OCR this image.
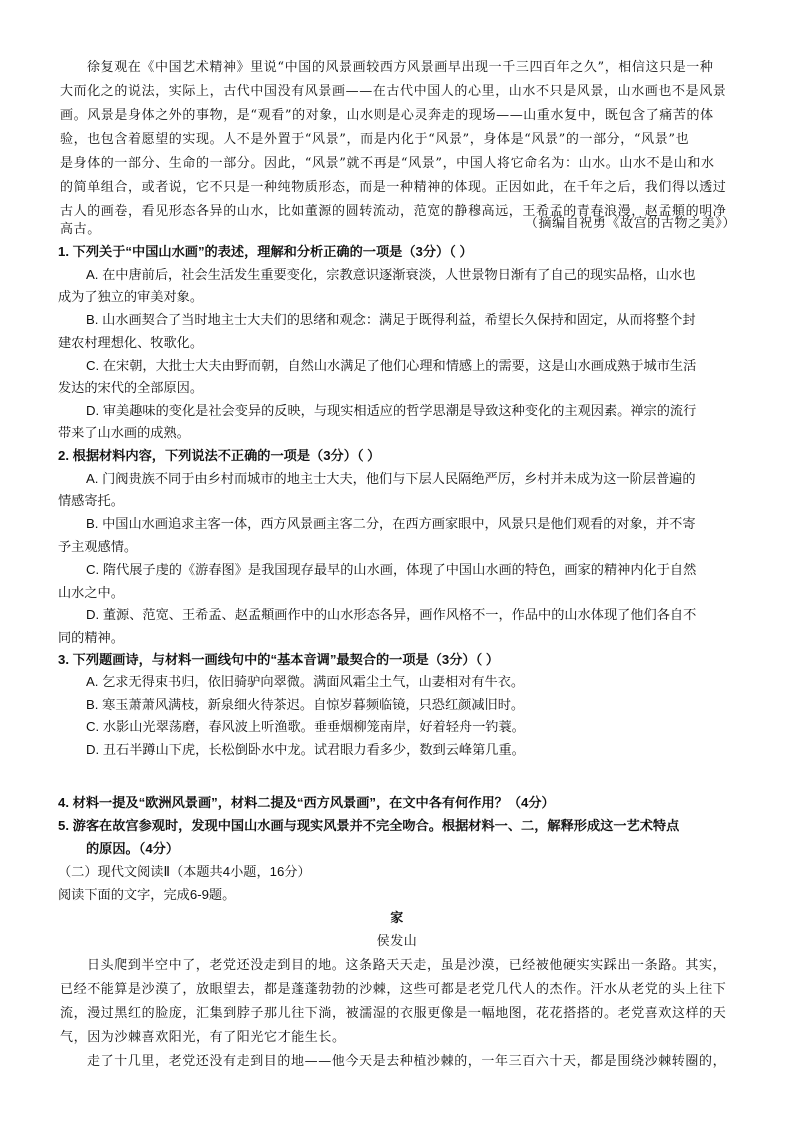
徐复观在《中国艺术精神》里说“中国的风景画较西方风景画早出现一千三四百年之久”，相信这只是一种
大而化之的说法，实际上，古代中国没有风景画——在古代中国人的心里，山水不只是风景，山水画也不是风景
画。风景是身体之外的事物，是“观看”的对象，山水则是心灵奔走的现场——山重水复中，既包含了痛苦的体
验，也包含着愿望的实现。人不是外置于“风景”，而是内化于“风景”，身体是“风景”的一部分，“风景”也
是身体的一部分、生命的一部分。因此，“风景”就不再是“风景”，中国人将它命名为：山水。山水不是山和水
的简单组合，或者说，它不只是一种纯物质形态，而是一种精神的体现。正因如此，在千年之后，我们得以透过
古人的画卷，看见形态各异的山水，比如董源的圆转流动，范宽的静穆高远，王希孟的青春浪漫，赵孟頫的明净
高古。	（摘编自祝勇《故宫的古物之美》）
1. 下列关于“中国山水画”的表述，理解和分析正确的一项是（3分）（ ）
A. 在中唐前后，社会生活发生重要变化，宗教意识逐渐衰淡，人世景物日渐有了自己的现实品格，山水也
成为了独立的审美对象。
B. 山水画契合了当时地主士大夫们的思绪和观念：满足于既得利益，希望长久保持和固定，从而将整个封
建农村理想化、牧歌化。
C. 在宋朝，大批士大夫由野而朝，自然山水满足了他们心理和情感上的需要，这是山水画成熟于城市生活
发达的宋代的全部原因。
D. 审美趣味的变化是社会变异的反映，与现实相适应的哲学思潮是导致这种变化的主观因素。禅宗的流行
带来了山水画的成熟。
2. 根据材料内容，下列说法不正确的一项是（3分）（ ）
A. 门阀贵族不同于由乡村而城市的地主士大夫，他们与下层人民隔绝严厉，乡村并未成为这一阶层普遍的
情感寄托。
B. 中国山水画追求主客一体，西方风景画主客二分，在西方画家眼中，风景只是他们观看的对象，并不寄
予主观感情。
C. 隋代展子虔的《游春图》是我国现存最早的山水画，体现了中国山水画的特色，画家的精神内化于自然
山水之中。
D. 董源、范宽、王希孟、赵孟頫画作中的山水形态各异，画作风格不一，作品中的山水体现了他们各自不
同的精神。
3. 下列题画诗，与材料一画线句中的“基本音调”最契合的一项是（3分）（ ）
A. 乞求无得束书归，依旧骑驴向翠微。满面风霜尘土气，山妻相对有牛衣。
B. 寒玉萧萧风满枝，新泉细火待茶迟。自惊岁暮频临镜，只恐红颜减旧时。
C. 水影山光翠荡磨，春风波上听渔歌。垂垂烟柳笼南岸，好着轻舟一钓蓑。
D. 丑石半蹲山下虎，长松倒卧水中龙。试君眼力看多少，数到云峰第几重。
4. 材料一提及“欧洲风景画”，材料二提及“西方风景画”，在文中各有何作用？（4分）
5. 游客在故宫参观时，发现中国山水画与现实风景并不完全吻合。根据材料一、二，解释形成这一艺术特点
的原因。（4分）
（二）现代文阅读Ⅱ（本题共4小题，16分）
阅读下面的文字，完成6-9题。
家
侯发山
日头爬到半空中了，老党还没走到目的地。这条路天天走，虽是沙漠，已经被他硬实实踩出一条路。其实，
已经不能算是沙漠了，放眼望去，都是蓬蓬勃勃的沙棘，这些可都是老党几代人的杰作。汗水从老党的头上往下
流，漫过黑红的脸庞，汇集到脖子那儿往下淌，被濡湿的衣服更像是一幅地图，花花搭搭的。老党喜欢这样的天
气，因为沙棘喜欢阳光，有了阳光它才能生长。
走了十几里，老党还没有走到目的地——他今天是去种植沙棘的，一年三百六十天，都是围绕沙棘转圈的，
